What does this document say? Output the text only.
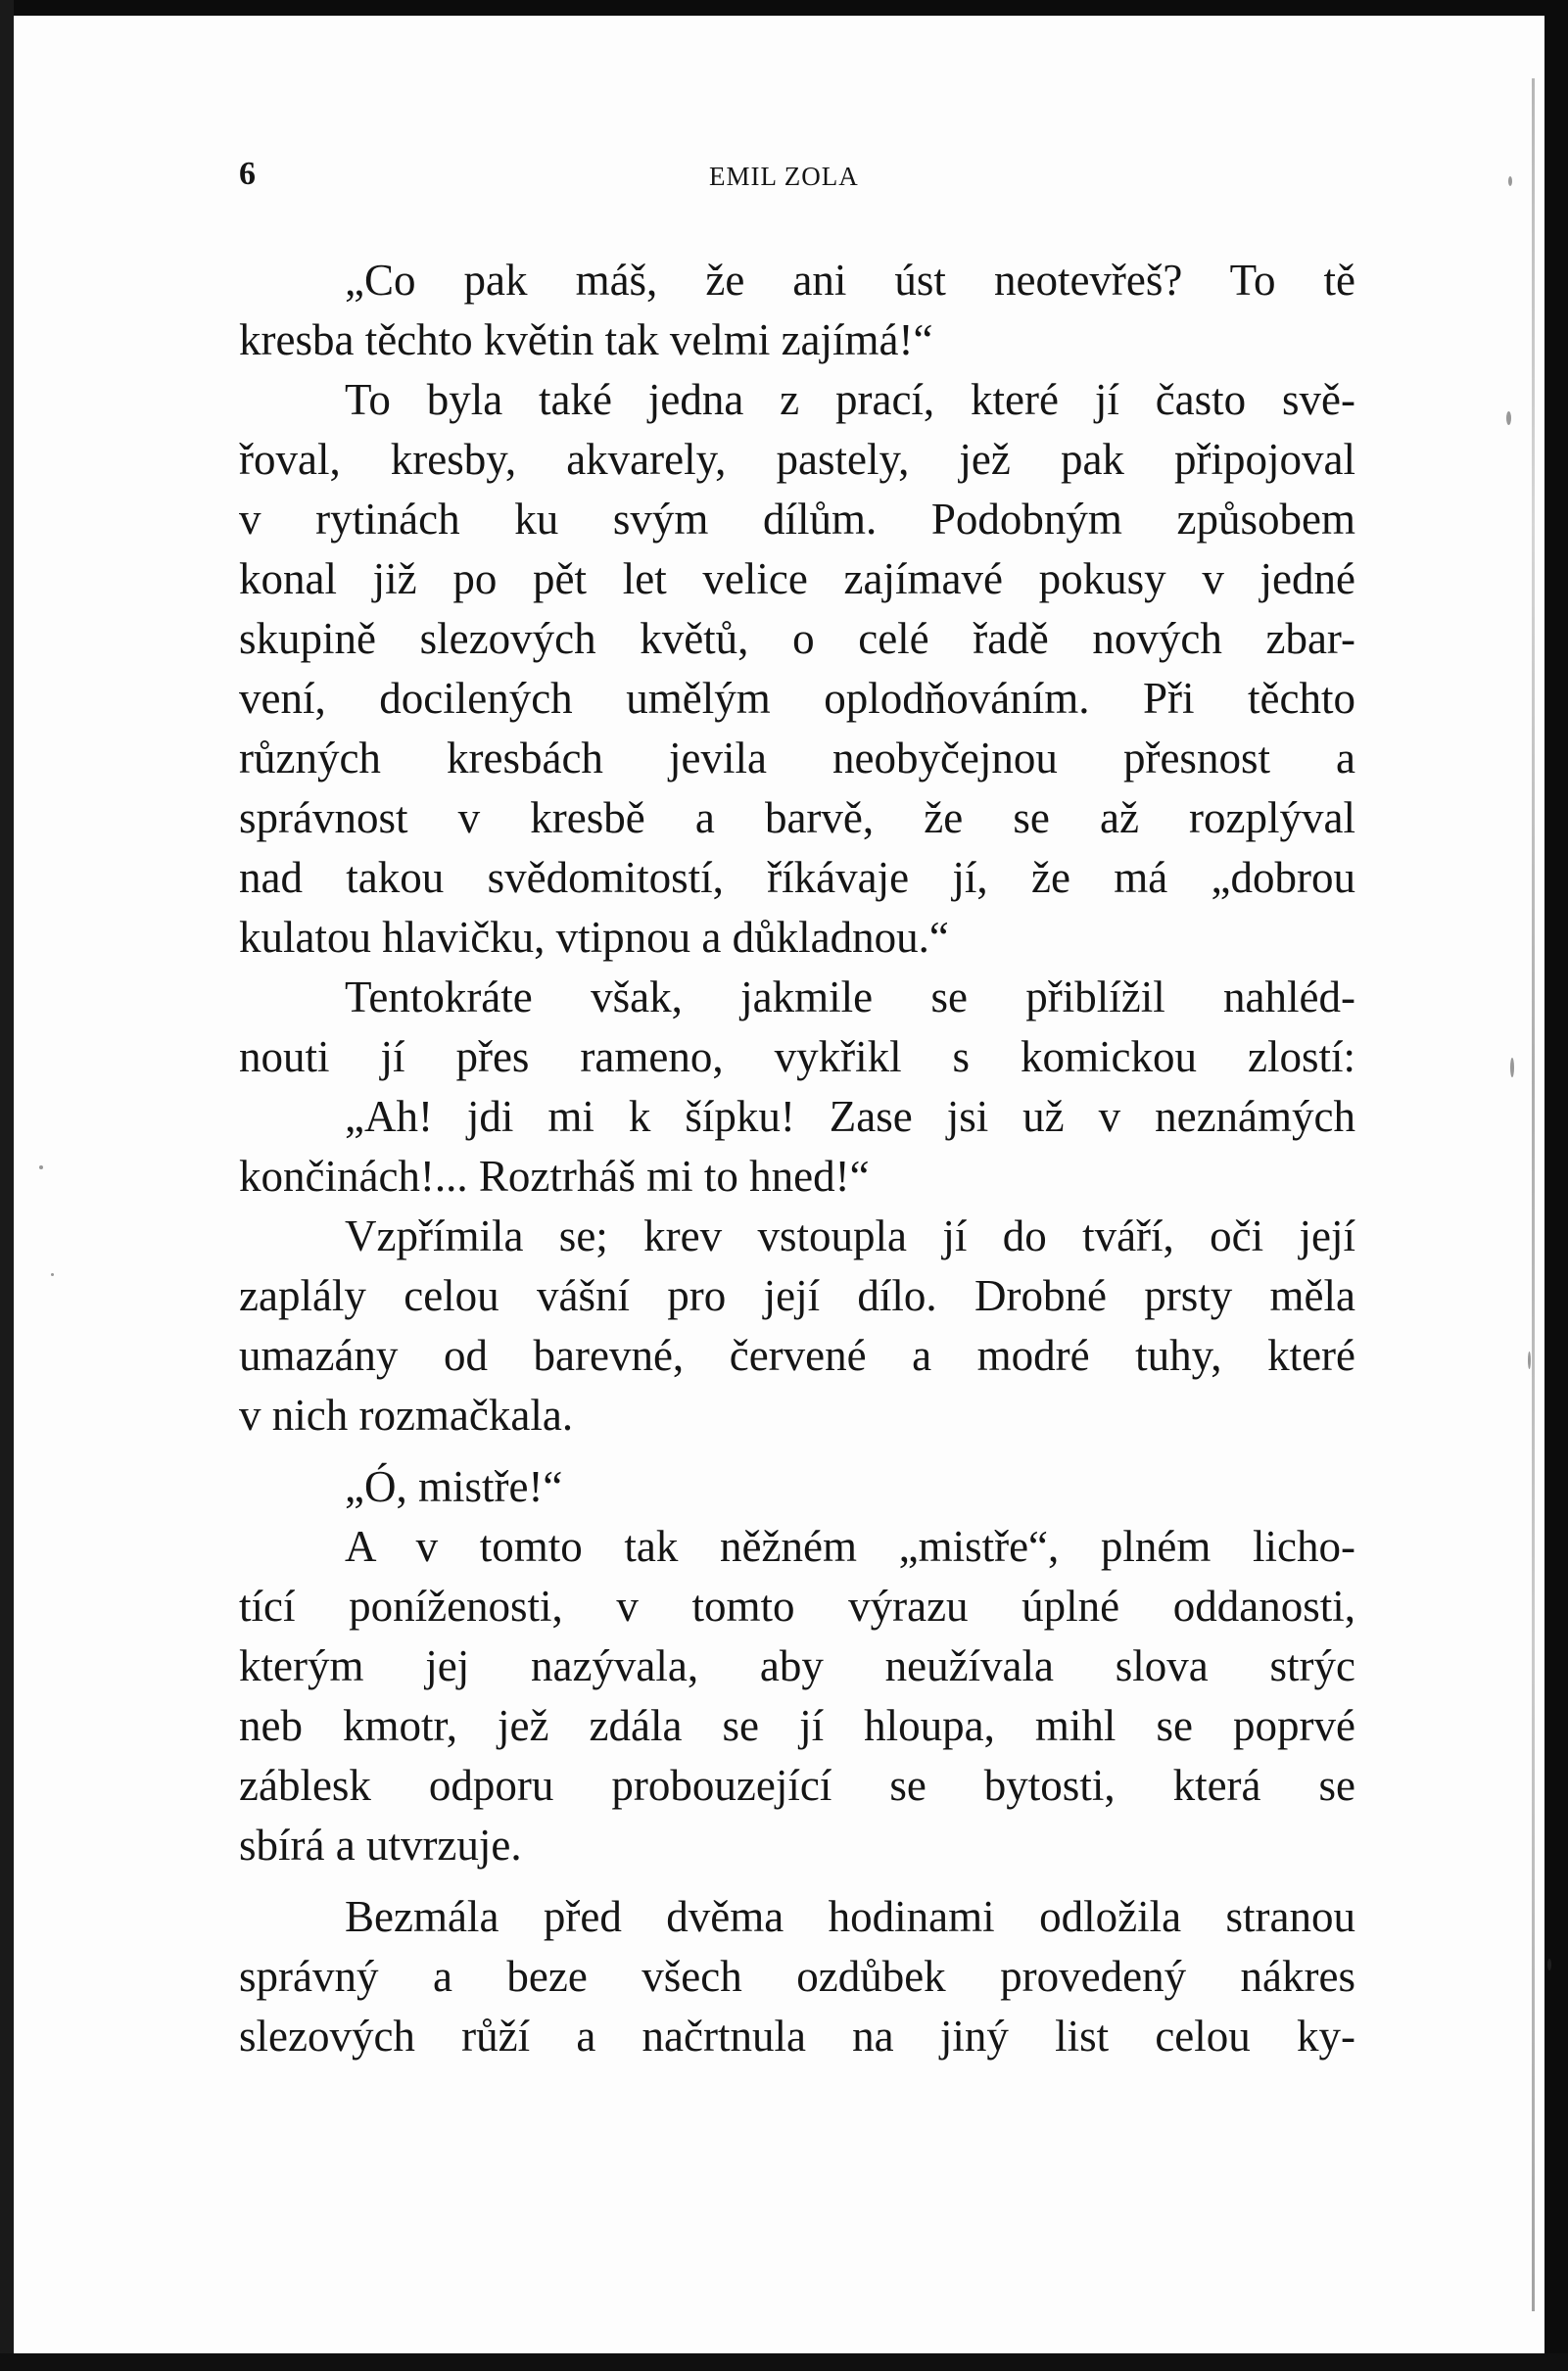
6	EMIL ZOLA
„Co pak máš, že ani úst neotevřeš? To tě
kresba těchto květin tak velmi zajímá!“
To byla také jedna z prací, které jí často svě-
řoval, kresby, akvarely, pastely, jež pak připojoval
v rytinách ku svým dílům. Podobným způsobem
konal již po pět let velice zajímavé pokusy v jedné
skupině slezových květů, o celé řadě nových zbar-
vení, docilených umělým oplodňováním. Při těchto
různých kresbách jevila neobyčejnou přesnost a
správnost v kresbě a barvě, že se až rozplýval
nad takou svědomitostí, říkávaje jí, že má „dobrou
kulatou hlavičku, vtipnou a důkladnou.“
Tentokráte však, jakmile se přiblížil nahléd-
nouti jí přes rameno, vykřikl s komickou zlostí:
„Ah! jdi mi k šípku! Zase jsi už v neznámých
končinách!... Roztrháš mi to hned!“
Vzpřímila se; krev vstoupla jí do tváří, oči její
zaplály celou vášní pro její dílo. Drobné prsty měla
umazány od barevné, červené a modré tuhy, které
v nich rozmačkala.
„Ó, mistře!“
A v tomto tak něžném „mistře“, plném licho-
tící poníženosti, v tomto výrazu úplné oddanosti,
kterým jej nazývala, aby neužívala slova strýc
neb kmotr, jež zdála se jí hloupa, mihl se poprvé
záblesk odporu probouzející se bytosti, která se
sbírá a utvrzuje.
Bezmála před dvěma hodinami odložila stranou
správný a beze všech ozdůbek provedený nákres
slezových růží a načrtnula na jiný list celou ky-
